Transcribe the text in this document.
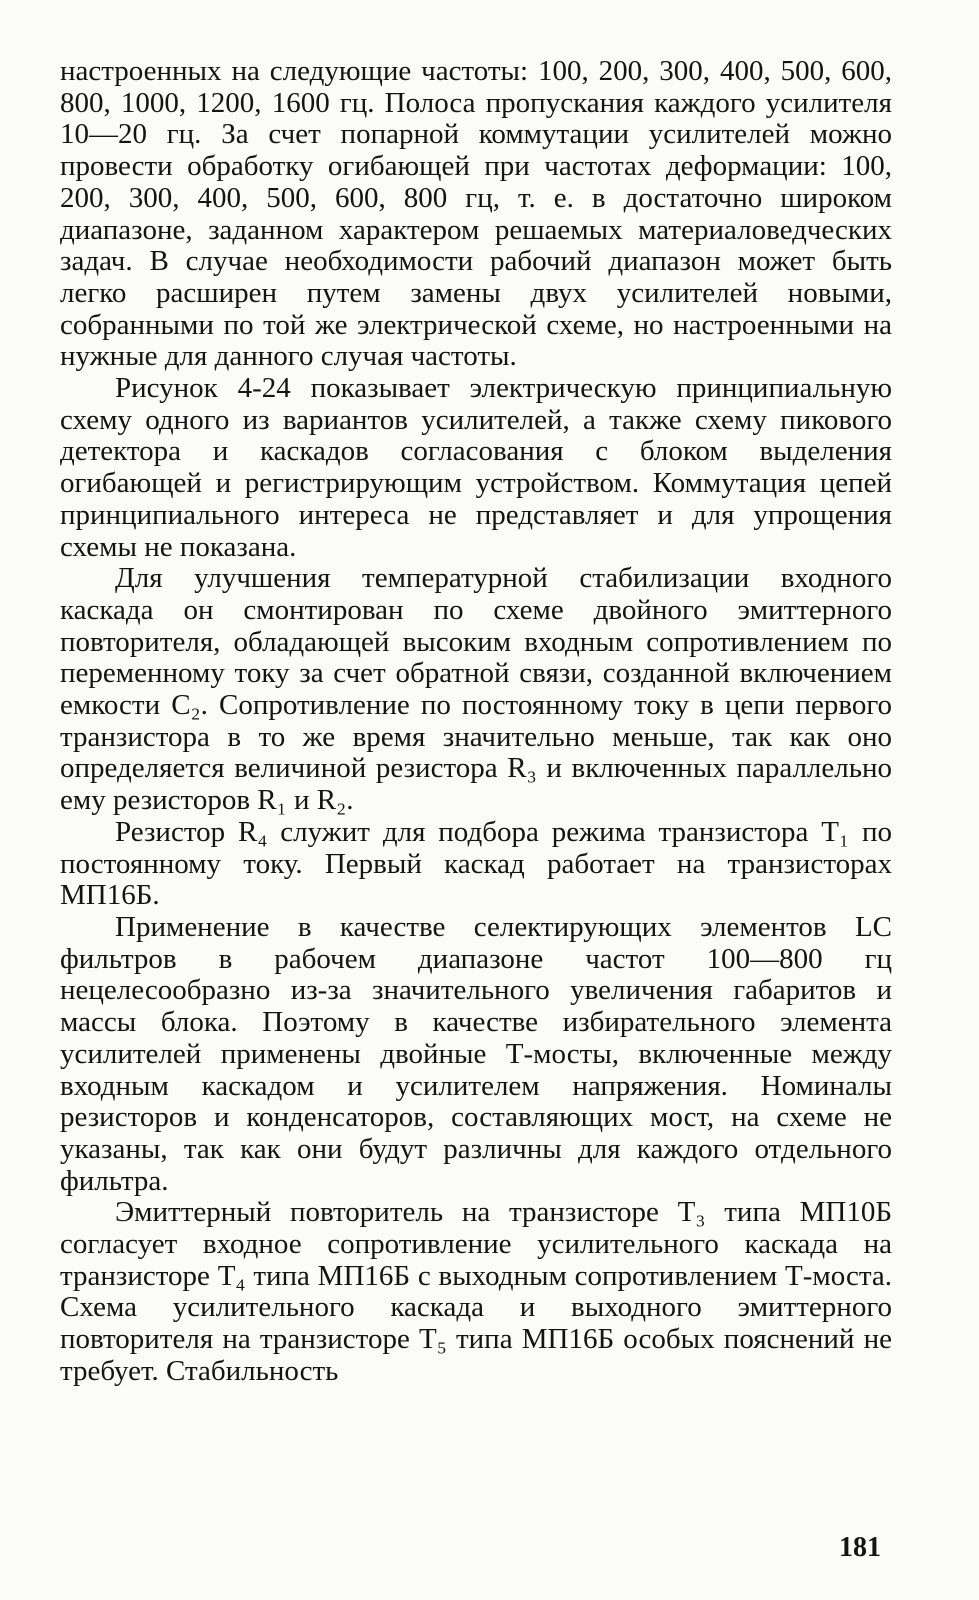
настроенных на следующие частоты: 100, 200, 300, 400, 500, 600, 800, 1000, 1200, 1600 гц. Полоса пропускания каждого усилителя 10—20 гц. За счет попарной коммутации усилителей можно провести обработку огибающей при частотах деформации: 100, 200, 300, 400, 500, 600, 800 гц, т. е. в достаточно широком диапазоне, заданном характером решаемых материаловедческих задач. В случае необходимости рабочий диапазон может быть легко расширен путем замены двух усилителей новыми, собранными по той же электрической схеме, но настроенными на нужные для данного случая частоты.

Рисунок 4-24 показывает электрическую принципиальную схему одного из вариантов усилителей, а также схему пикового детектора и каскадов согласования с блоком выделения огибающей и регистрирующим устройством. Коммутация цепей принципиального интереса не представляет и для упрощения схемы не показана.

Для улучшения температурной стабилизации входного каскада он смонтирован по схеме двойного эмиттерного повторителя, обладающей высоким входным сопротивлением по переменному току за счет обратной связи, созданной включением емкости C₂. Сопротивление по постоянному току в цепи первого транзистора в то же время значительно меньше, так как оно определяется величиной резистора R₃ и включенных параллельно ему резисторов R₁ и R₂.

Резистор R₄ служит для подбора режима транзистора T₁ по постоянному току. Первый каскад работает на транзисторах МП16Б.

Применение в качестве селектирующих элементов LC фильтров в рабочем диапазоне частот 100—800 гц нецелесообразно из-за значительного увеличения габаритов и массы блока. Поэтому в качестве избирательного элемента усилителей применены двойные Т-мосты, включенные между входным каскадом и усилителем напряжения. Номиналы резисторов и конденсаторов, составляющих мост, на схеме не указаны, так как они будут различны для каждого отдельного фильтра.

Эмиттерный повторитель на транзисторе T₃ типа МП10Б согласует входное сопротивление усилительного каскада на транзисторе T₄ типа МП16Б с выходным сопротивлением Т-моста. Схема усилительного каскада и выходного эмиттерного повторителя на транзисторе T₅ типа МП16Б особых пояснений не требует. Стабильность

181
